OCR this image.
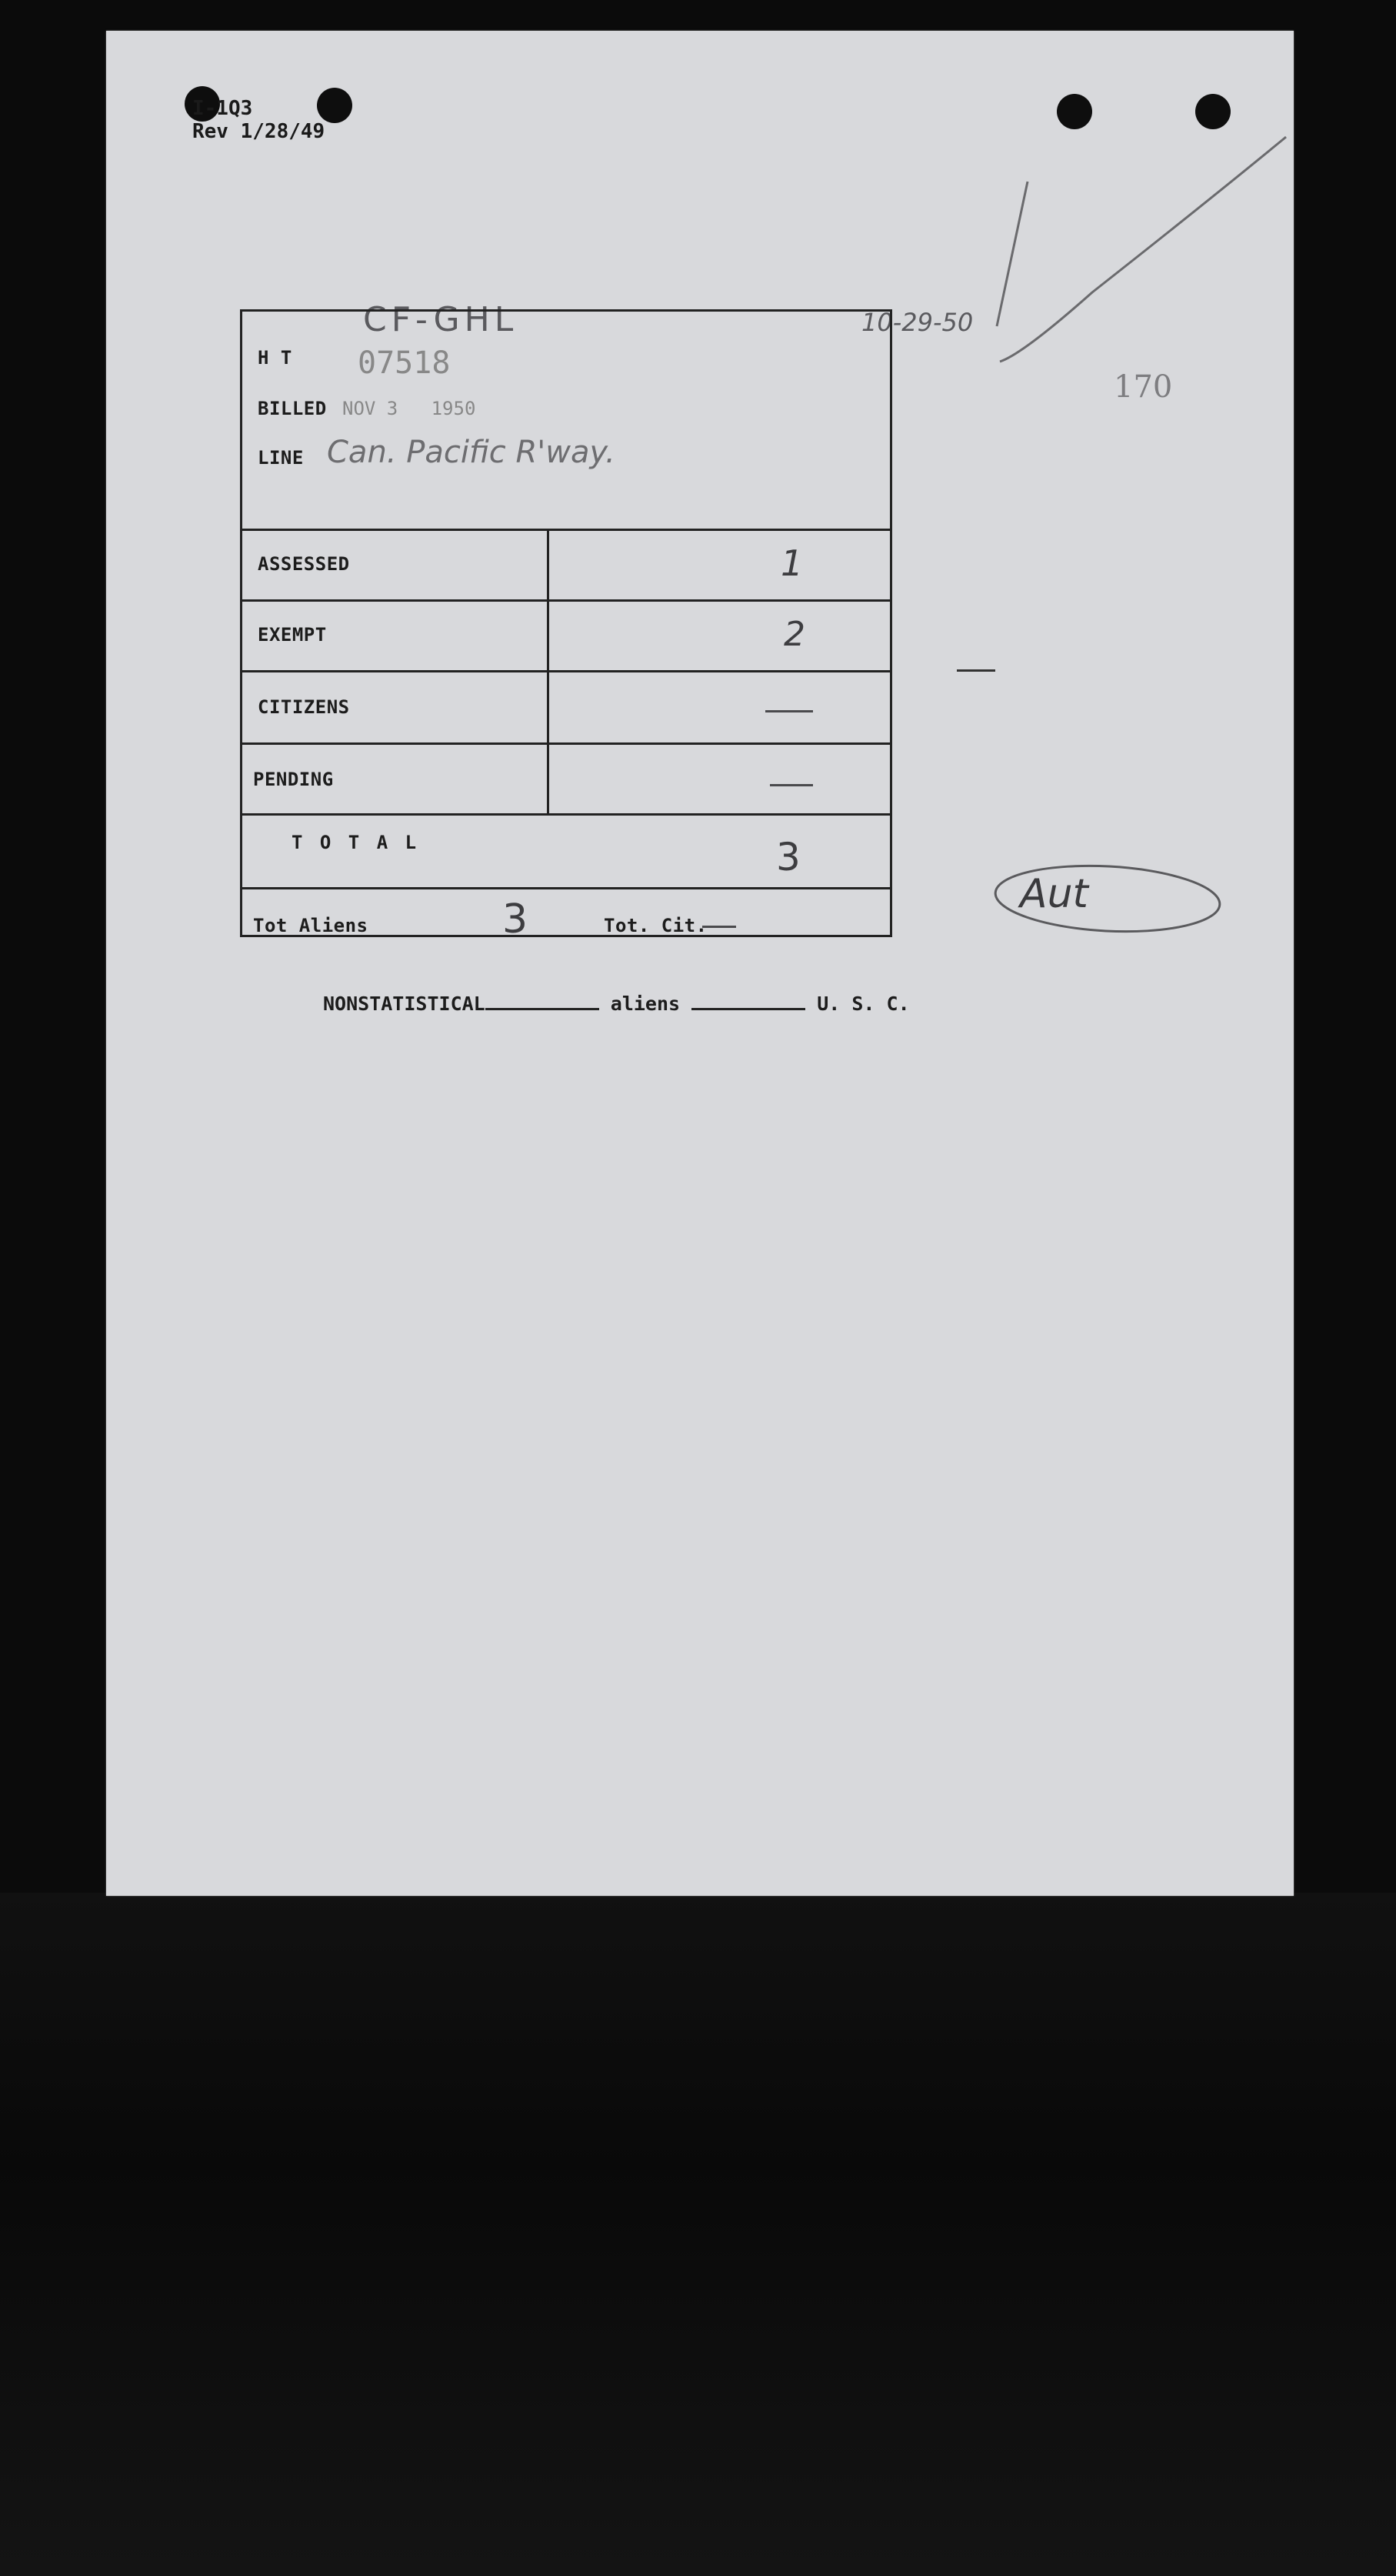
I-1Q3
Rev 1/28/49
CF-GHL	10-29-50
170
Aut
H T 07518
BILLED NOV 3   1950
LINE Can. Pacific R'way.
ASSESSED	1
EXEMPT	2
CITIZENS
PENDING
T O T A L	3
Tot Aliens	3	Tot. Cit.
NONSTATISTICAL	aliens	U. S. C.
